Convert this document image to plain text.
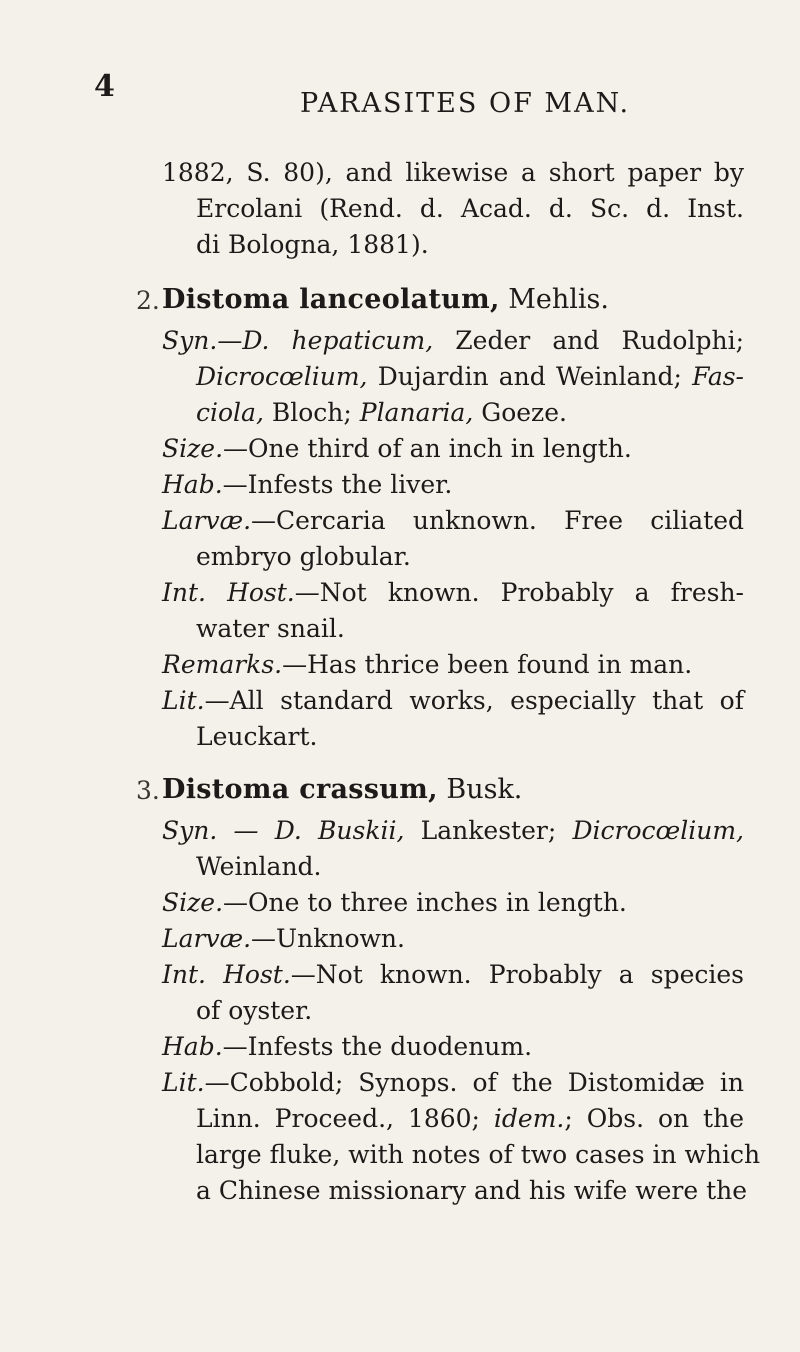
4	PARASITES OF MAN.
1882, S. 80), and likewise a short paper by
Ercolani (Rend. d. Acad. d. Sc. d. Inst.
di Bologna, 1881).
2. Distoma lanceolatum, Mehlis.
Syn.—D. hepaticum, Zeder and Rudolphi;
Dicrocœlium, Dujardin and Weinland; Fas-
ciola, Bloch; Planaria, Goeze.
Size.—One third of an inch in length.
Hab.—Infests the liver.
Larvæ.—Cercaria unknown. Free ciliated
embryo globular.
Int. Host.—Not known. Probably a fresh-
water snail.
Remarks.—Has thrice been found in man.
Lit.—All standard works, especially that of
Leuckart.
3. Distoma crassum, Busk.
Syn. — D. Buskii, Lankester; Dicrocœlium,
Weinland.
Size.—One to three inches in length.
Larvæ.—Unknown.
Int. Host.—Not known. Probably a species
of oyster.
Hab.—Infests the duodenum.
Lit.—Cobbold; Synops. of the Distomidæ in
Linn. Proceed., 1860; idem.; Obs. on the
large fluke, with notes of two cases in which
a Chinese missionary and his wife were the
